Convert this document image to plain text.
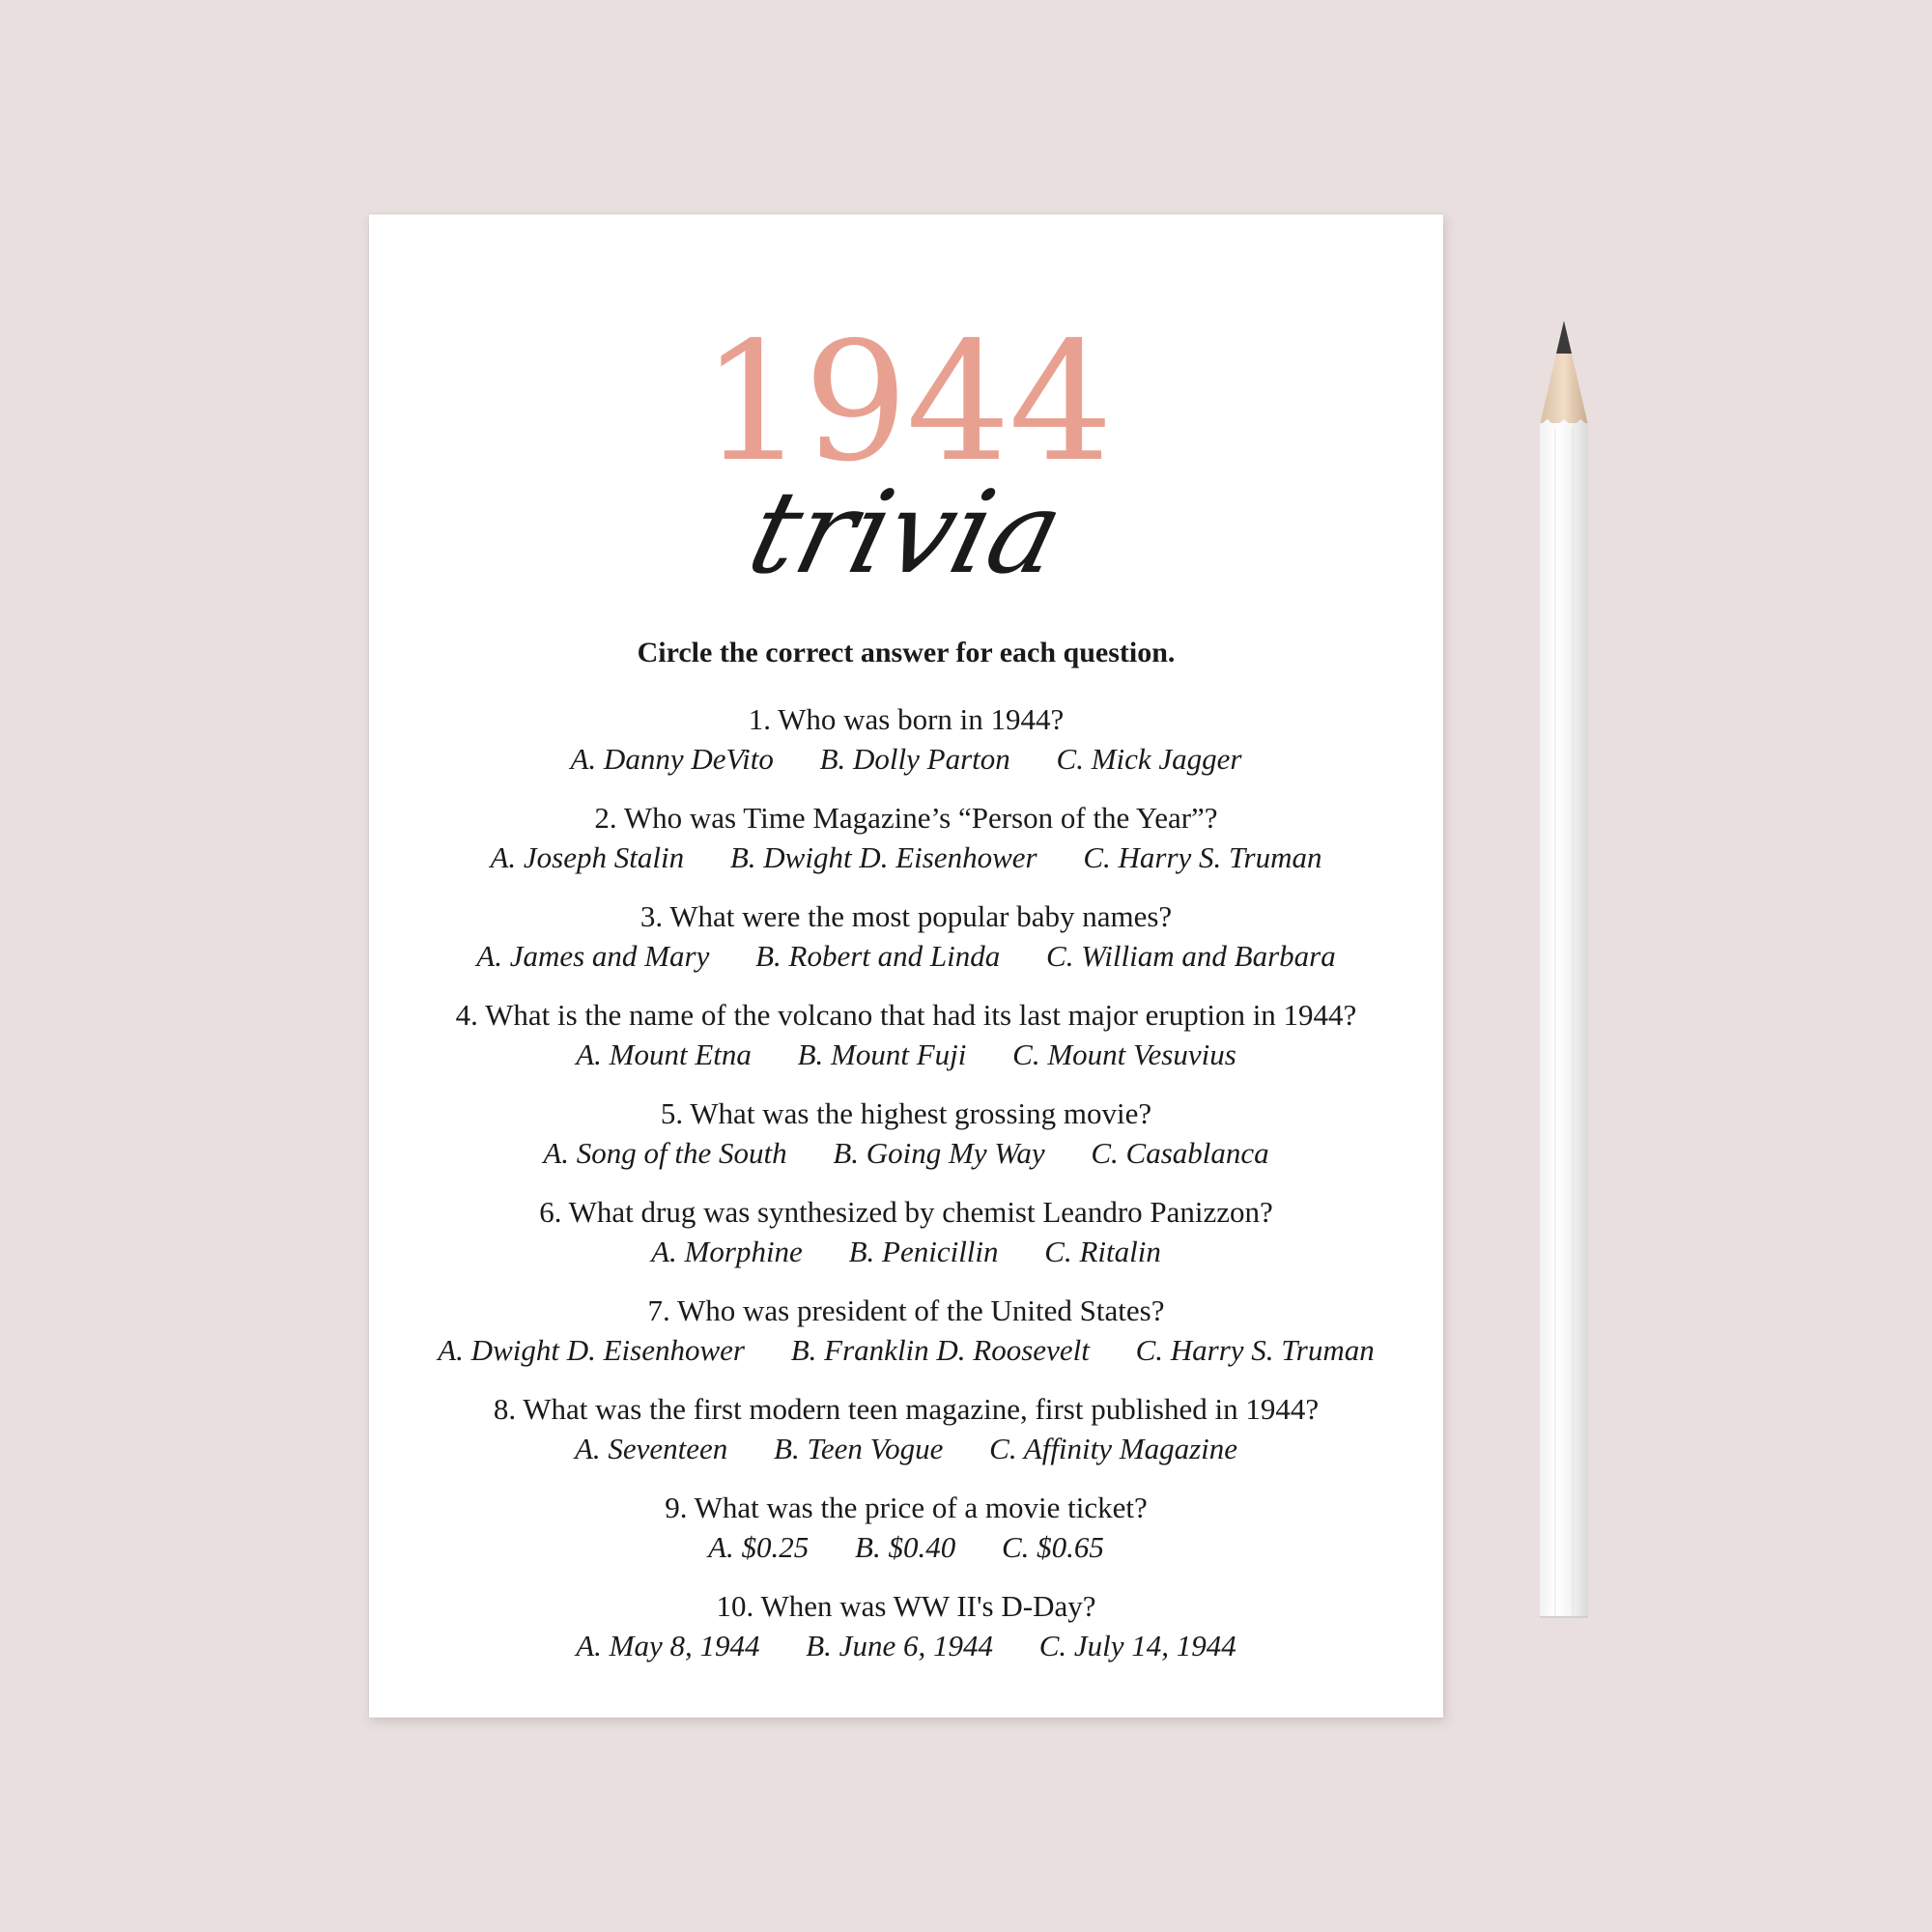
1944
trivia
Circle the correct answer for each question.
1. Who was born in 1944?
A. Danny DeVito B. Dolly Parton C. Mick Jagger
2. Who was Time Magazine’s “Person of the Year”?
A. Joseph Stalin B. Dwight D. Eisenhower C. Harry S. Truman
3. What were the most popular baby names?
A. James and Mary B. Robert and Linda C. William and Barbara
4. What is the name of the volcano that had its last major eruption in 1944?
A. Mount Etna B. Mount Fuji C. Mount Vesuvius
5. What was the highest grossing movie?
A. Song of the South B. Going My Way C. Casablanca
6. What drug was synthesized by chemist Leandro Panizzon?
A. Morphine B. Penicillin C. Ritalin
7. Who was president of the United States?
A. Dwight D. Eisenhower B. Franklin D. Roosevelt C. Harry S. Truman
8. What was the first modern teen magazine, first published in 1944?
A. Seventeen B. Teen Vogue C. Affinity Magazine
9. What was the price of a movie ticket?
A. $0.25 B. $0.40 C. $0.65
10. When was WW II's D-Day?
A. May 8, 1944 B. June 6, 1944 C. July 14, 1944
